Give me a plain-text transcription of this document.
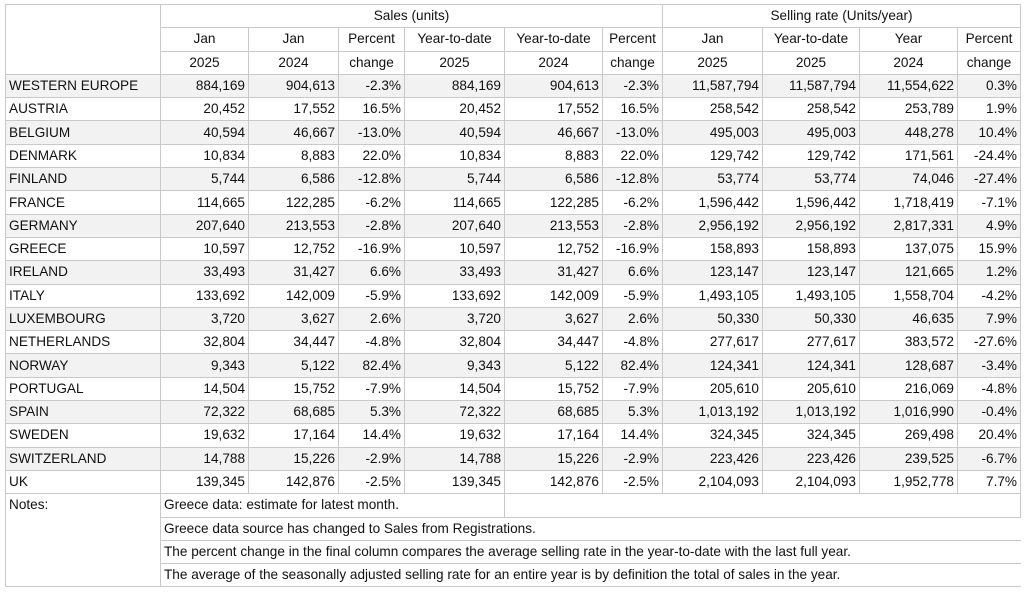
	Sales (units)						Selling rate (Units/year)			
	Jan	Jan	Percent	Year-to-date	Year-to-date	Percent	Jan	Year-to-date	Year	Percent
	2025	2024	change	2025	2024	change	2025	2025	2024	change
WESTERN EUROPE	884,169	904,613	-2.3%	884,169	904,613	-2.3%	11,587,794	11,587,794	11,554,622	0.3%
AUSTRIA	20,452	17,552	16.5%	20,452	17,552	16.5%	258,542	258,542	253,789	1.9%
BELGIUM	40,594	46,667	-13.0%	40,594	46,667	-13.0%	495,003	495,003	448,278	10.4%
DENMARK	10,834	8,883	22.0%	10,834	8,883	22.0%	129,742	129,742	171,561	-24.4%
FINLAND	5,744	6,586	-12.8%	5,744	6,586	-12.8%	53,774	53,774	74,046	-27.4%
FRANCE	114,665	122,285	-6.2%	114,665	122,285	-6.2%	1,596,442	1,596,442	1,718,419	-7.1%
GERMANY	207,640	213,553	-2.8%	207,640	213,553	-2.8%	2,956,192	2,956,192	2,817,331	4.9%
GREECE	10,597	12,752	-16.9%	10,597	12,752	-16.9%	158,893	158,893	137,075	15.9%
IRELAND	33,493	31,427	6.6%	33,493	31,427	6.6%	123,147	123,147	121,665	1.2%
ITALY	133,692	142,009	-5.9%	133,692	142,009	-5.9%	1,493,105	1,493,105	1,558,704	-4.2%
LUXEMBOURG	3,720	3,627	2.6%	3,720	3,627	2.6%	50,330	50,330	46,635	7.9%
NETHERLANDS	32,804	34,447	-4.8%	32,804	34,447	-4.8%	277,617	277,617	383,572	-27.6%
NORWAY	9,343	5,122	82.4%	9,343	5,122	82.4%	124,341	124,341	128,687	-3.4%
PORTUGAL	14,504	15,752	-7.9%	14,504	15,752	-7.9%	205,610	205,610	216,069	-4.8%
SPAIN	72,322	68,685	5.3%	72,322	68,685	5.3%	1,013,192	1,013,192	1,016,990	-0.4%
SWEDEN	19,632	17,164	14.4%	19,632	17,164	14.4%	324,345	324,345	269,498	20.4%
SWITZERLAND	14,788	15,226	-2.9%	14,788	15,226	-2.9%	223,426	223,426	239,525	-6.7%
UK	139,345	142,876	-2.5%	139,345	142,876	-2.5%	2,104,093	2,104,093	1,952,778	7.7%
Notes:	Greece data: estimate for latest month.									
	Greece data source has changed to Sales from Registrations.									
	The percent change in the final column compares the average selling rate in the year-to-date with the last full year.									
	The average of the seasonally adjusted selling rate for an entire year is by definition the total of sales in the year.									
